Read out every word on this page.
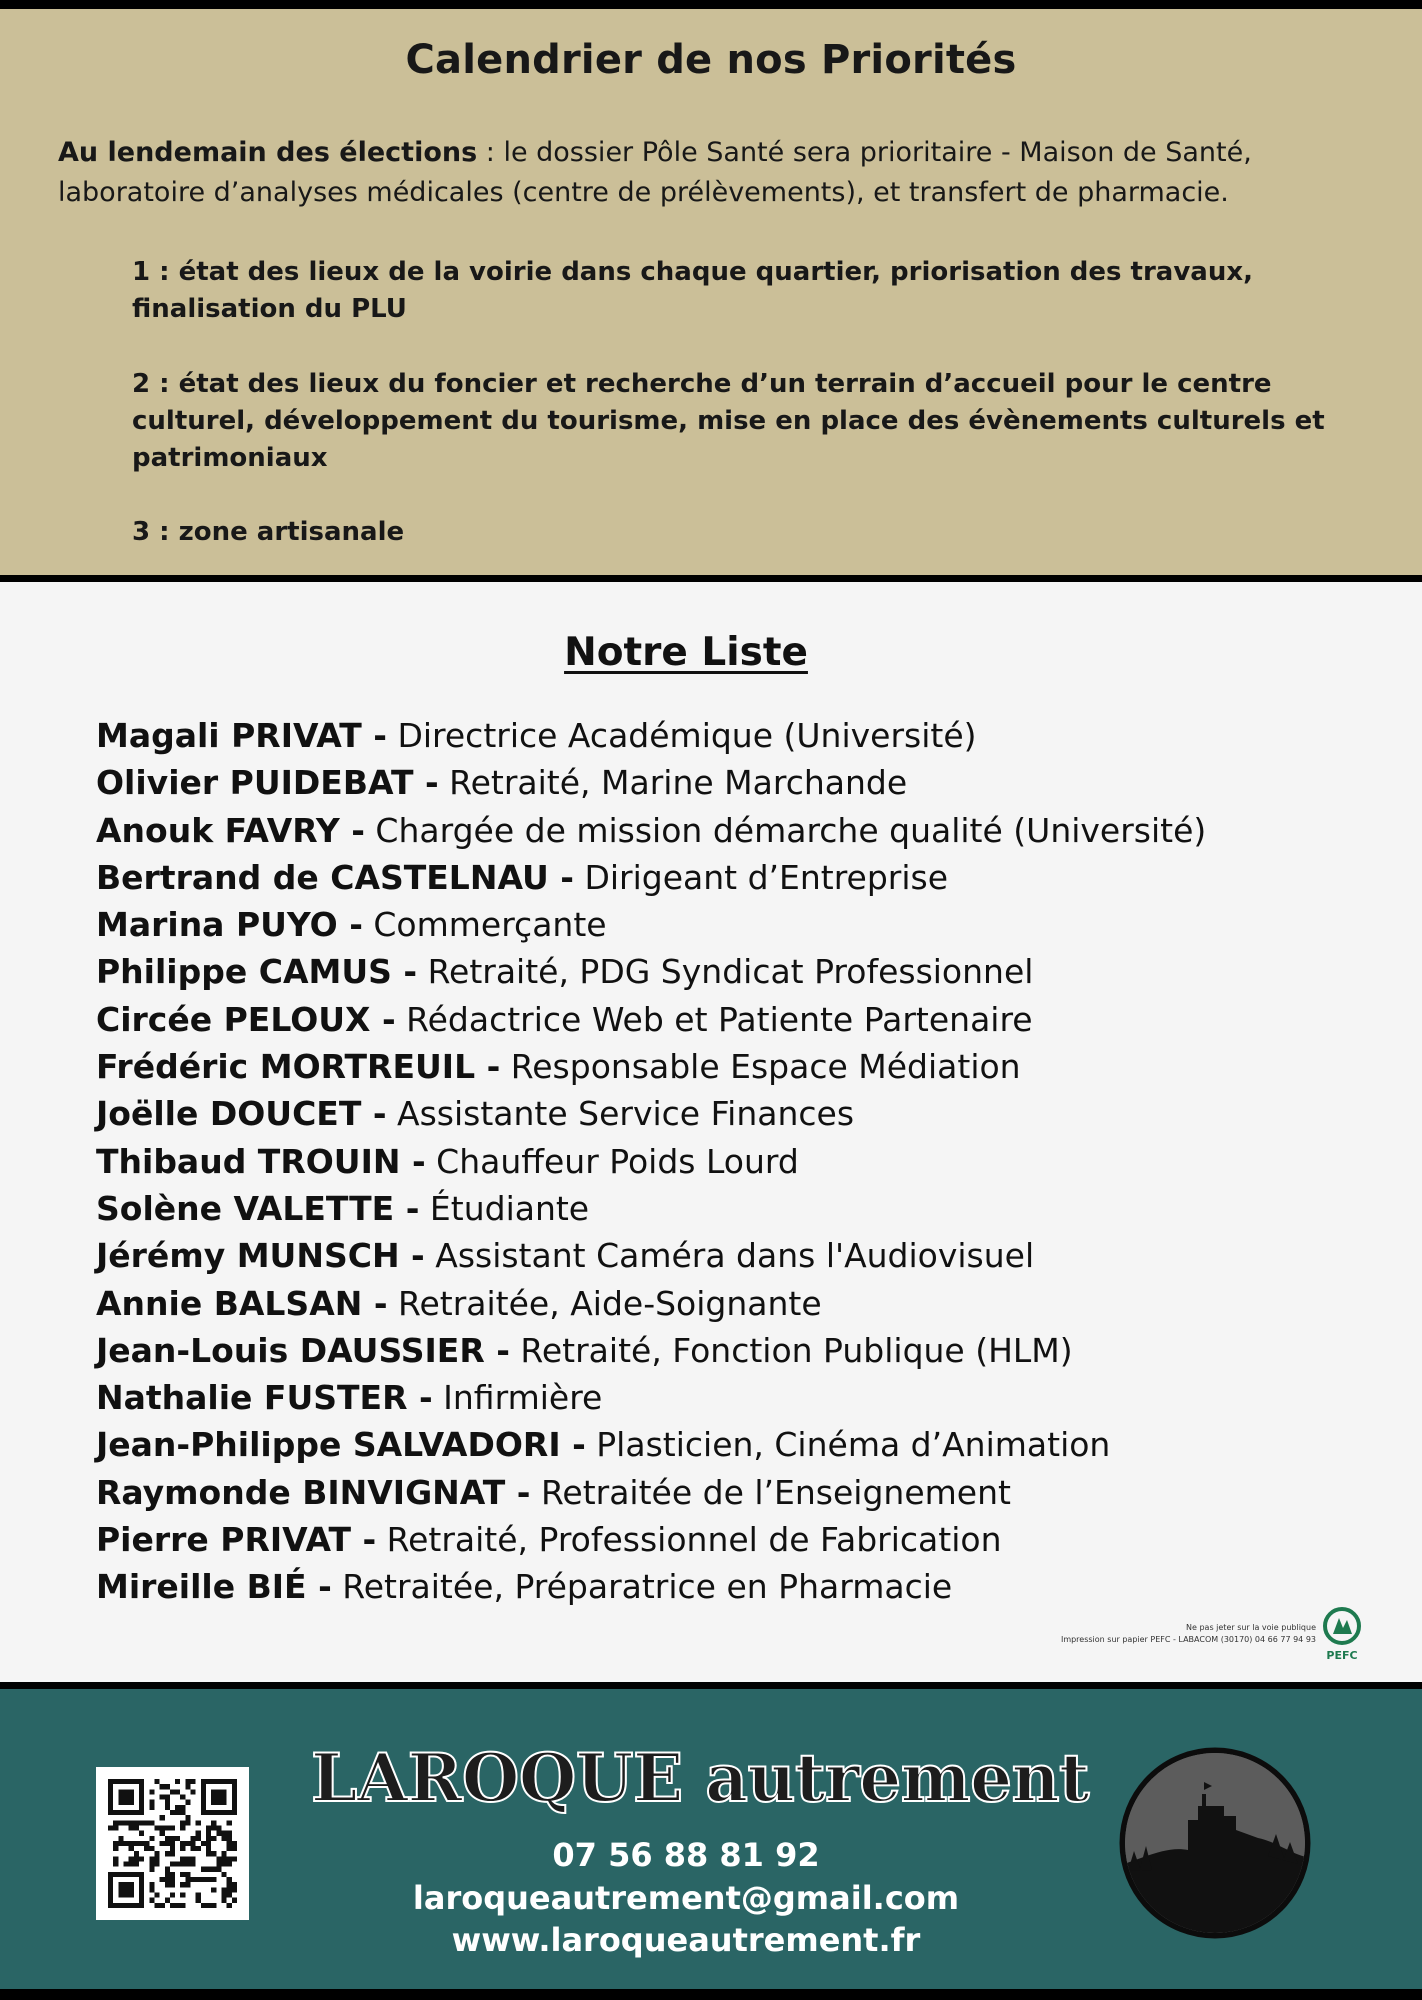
Calendrier de nos Priorités

Au lendemain des élections : le dossier Pôle Santé sera prioritaire - Maison de Santé, laboratoire d’analyses médicales (centre de prélèvements), et transfert de pharmacie.

1 : état des lieux de la voirie dans chaque quartier, priorisation des travaux, finalisation du PLU

2 : état des lieux du foncier et recherche d’un terrain d’accueil pour le centre culturel, développement du tourisme, mise en place des évènements culturels et patrimoniaux

3 : zone artisanale

Notre Liste
Magali PRIVAT - Directrice Académique (Université)
Olivier PUIDEBAT - Retraité, Marine Marchande
Anouk FAVRY - Chargée de mission démarche qualité (Université)
Bertrand de CASTELNAU - Dirigeant d’Entreprise
Marina PUYO - Commerçante
Philippe CAMUS - Retraité, PDG Syndicat Professionnel
Circée PELOUX - Rédactrice Web et Patiente Partenaire
Frédéric MORTREUIL - Responsable Espace Médiation
Joëlle DOUCET - Assistante Service Finances
Thibaud TROUIN - Chauffeur Poids Lourd
Solène VALETTE - Étudiante
Jérémy MUNSCH - Assistant Caméra dans l'Audiovisuel
Annie BALSAN - Retraitée, Aide-Soignante
Jean-Louis DAUSSIER - Retraité, Fonction Publique (HLM)
Nathalie FUSTER - Infirmière
Jean-Philippe SALVADORI - Plasticien, Cinéma d’Animation
Raymonde BINVIGNAT - Retraitée de l’Enseignement
Pierre PRIVAT - Retraité, Professionnel de Fabrication
Mireille BIÉ - Retraitée, Préparatrice en Pharmacie
Ne pas jeter sur la voie publique
Impression sur papier PEFC - LABACOM (30170) 04 66 77 94 93
PEFC
LAROQUE autrement
07 56 88 81 92
laroqueautrement@gmail.com
www.laroqueautrement.fr
